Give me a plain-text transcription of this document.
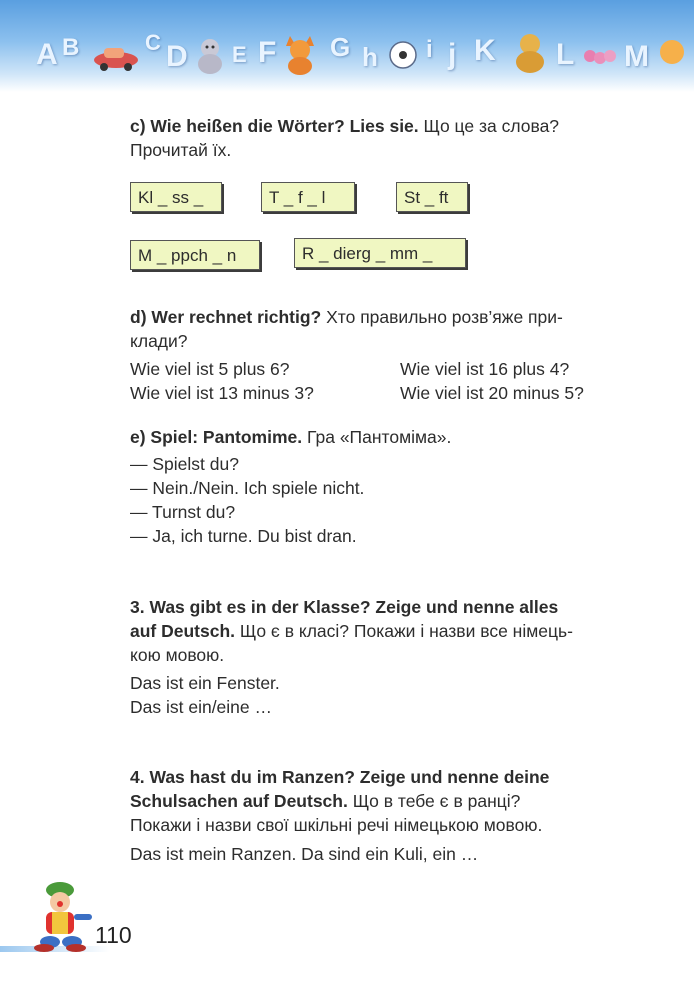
A B	C D E F G h i j K L M
c) Wie heißen die Wörter? Lies sie. Що це за слова?
Прочитай їх.
Kl _ ss _	T _ f _ l	St _ ft
M _ ppch _ n	R _ dierg _ mm _
d) Wer rechnet richtig? Хто правильно розв’яже при-
клади?
Wie viel ist 5 plus 6?	Wie viel ist 16 plus 4?
Wie viel ist 13 minus 3?	Wie viel ist 20 minus 5?
e) Spiel: Pantomime. Гра «Пантоміма».
— Spielst du?
— Nein./Nein. Ich spiele nicht.
— Turnst du?
— Ja, ich turne. Du bist dran.
3. Was gibt es in der Klasse? Zeige und nenne alles
auf Deutsch. Що є в класі? Покажи і назви все німець-
кою мовою.
Das ist ein Fenster.
Das ist ein/eine …
4. Was hast du im Ranzen? Zeige und nenne deine
Schulsachen auf Deutsch. Що в тебе є в ранці?
Покажи і назви свої шкільні речі німецькою мовою.
Das ist mein Ranzen. Da sind ein Kuli, ein …
110
